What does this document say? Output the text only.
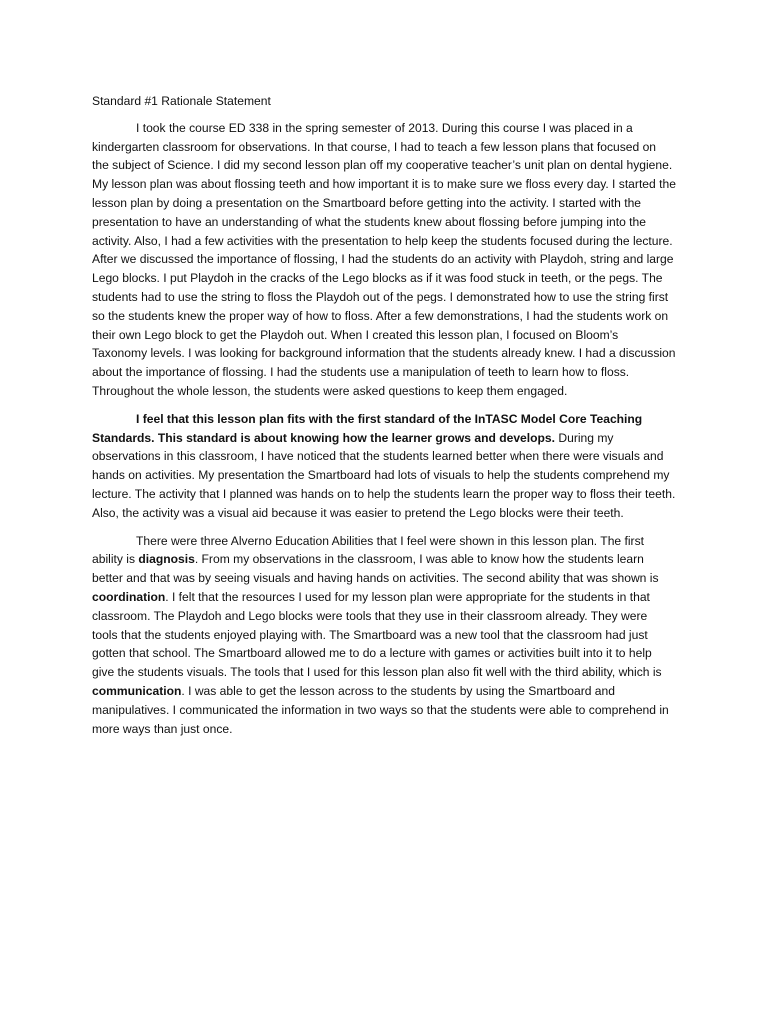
Standard #1 Rationale Statement

I took the course ED 338 in the spring semester of 2013. During this course I was placed in a kindergarten classroom for observations. In that course, I had to teach a few lesson plans that focused on the subject of Science. I did my second lesson plan off my cooperative teacher’s unit plan on dental hygiene. My lesson plan was about flossing teeth and how important it is to make sure we floss every day. I started the lesson plan by doing a presentation on the Smartboard before getting into the activity. I started with the presentation to have an understanding of what the students knew about flossing before jumping into the activity. Also, I had a few activities with the presentation to help keep the students focused during the lecture. After we discussed the importance of flossing, I had the students do an activity with Playdoh, string and large Lego blocks. I put Playdoh in the cracks of the Lego blocks as if it was food stuck in teeth, or the pegs. The students had to use the string to floss the Playdoh out of the pegs. I demonstrated how to use the string first so the students knew the proper way of how to floss. After a few demonstrations, I had the students work on their own Lego block to get the Playdoh out. When I created this lesson plan, I focused on Bloom’s Taxonomy levels. I was looking for background information that the students already knew. I had a discussion about the importance of flossing. I had the students use a manipulation of teeth to learn how to floss. Throughout the whole lesson, the students were asked questions to keep them engaged.

I feel that this lesson plan fits with the first standard of the InTASC Model Core Teaching Standards. This standard is about knowing how the learner grows and develops. During my observations in this classroom, I have noticed that the students learned better when there were visuals and hands on activities. My presentation the Smartboard had lots of visuals to help the students comprehend my lecture. The activity that I planned was hands on to help the students learn the proper way to floss their teeth. Also, the activity was a visual aid because it was easier to pretend the Lego blocks were their teeth.

There were three Alverno Education Abilities that I feel were shown in this lesson plan. The first ability is diagnosis. From my observations in the classroom, I was able to know how the students learn better and that was by seeing visuals and having hands on activities. The second ability that was shown is coordination. I felt that the resources I used for my lesson plan were appropriate for the students in that classroom. The Playdoh and Lego blocks were tools that they use in their classroom already. They were tools that the students enjoyed playing with. The Smartboard was a new tool that the classroom had just gotten that school. The Smartboard allowed me to do a lecture with games or activities built into it to help give the students visuals. The tools that I used for this lesson plan also fit well with the third ability, which is communication. I was able to get the lesson across to the students by using the Smartboard and manipulatives. I communicated the information in two ways so that the students were able to comprehend in more ways than just once.
